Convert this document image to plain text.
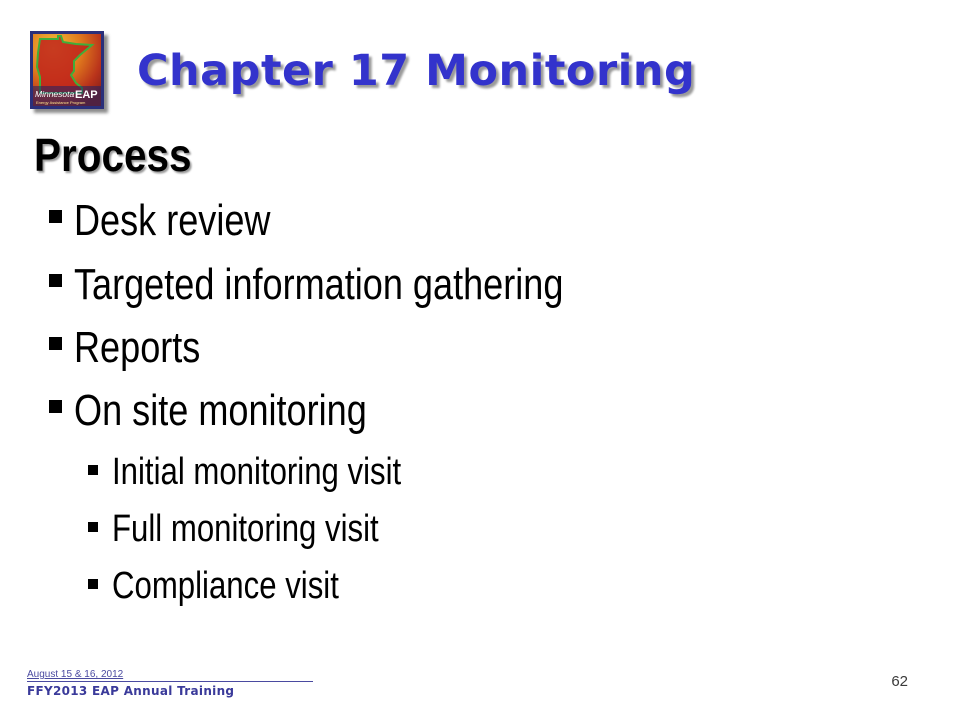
Minnesota EAP
Energy Assistance Program
Chapter 17 Monitoring
Process
Desk review
Targeted information gathering
Reports
On site monitoring
Initial monitoring visit
Full monitoring visit
Compliance visit
August 15 & 16, 2012
FFY2013 EAP Annual Training
62
